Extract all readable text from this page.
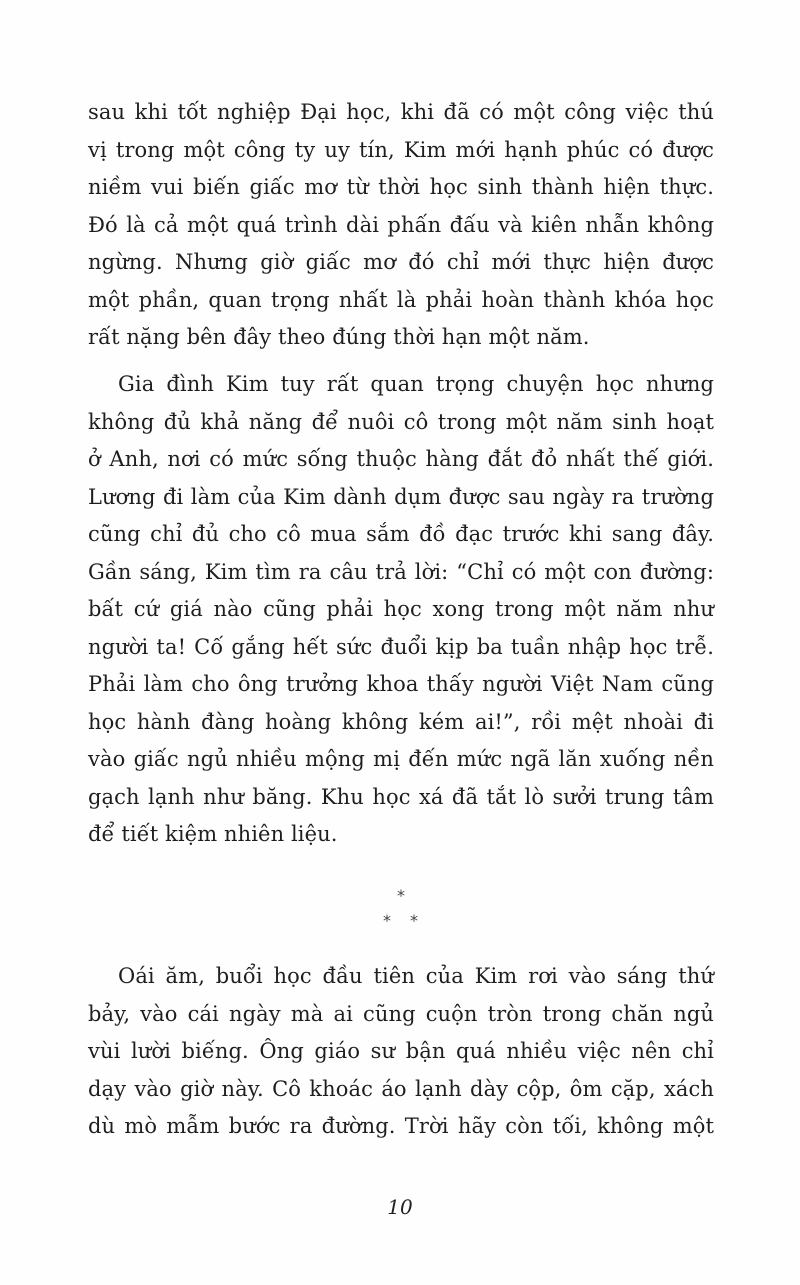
sau khi tốt nghiệp Đại học, khi đã có một công việc thú
vị trong một công ty uy tín, Kim mới hạnh phúc có được
niềm vui biến giấc mơ từ thời học sinh thành hiện thực.
Đó là cả một quá trình dài phấn đấu và kiên nhẫn không
ngừng. Nhưng giờ giấc mơ đó chỉ mới thực hiện được
một phần, quan trọng nhất là phải hoàn thành khóa học
rất nặng bên đây theo đúng thời hạn một năm.
Gia đình Kim tuy rất quan trọng chuyện học nhưng
không đủ khả năng để nuôi cô trong một năm sinh hoạt
ở Anh, nơi có mức sống thuộc hàng đắt đỏ nhất thế giới.
Lương đi làm của Kim dành dụm được sau ngày ra trường
cũng chỉ đủ cho cô mua sắm đồ đạc trước khi sang đây.
Gần sáng, Kim tìm ra câu trả lời: “Chỉ có một con đường:
bất cứ giá nào cũng phải học xong trong một năm như
người ta! Cố gắng hết sức đuổi kịp ba tuần nhập học trễ.
Phải làm cho ông trưởng khoa thấy người Việt Nam cũng
học hành đàng hoàng không kém ai!”, rồi mệt nhoài đi
vào giấc ngủ nhiều mộng mị đến mức ngã lăn xuống nền
gạch lạnh như băng. Khu học xá đã tắt lò sưởi trung tâm
để tiết kiệm nhiên liệu.
*
* *
Oái ăm, buổi học đầu tiên của Kim rơi vào sáng thứ
bảy, vào cái ngày mà ai cũng cuộn tròn trong chăn ngủ
vùi lười biếng. Ông giáo sư bận quá nhiều việc nên chỉ
dạy vào giờ này. Cô khoác áo lạnh dày cộp, ôm cặp, xách
dù mò mẫm bước ra đường. Trời hãy còn tối, không một
10
